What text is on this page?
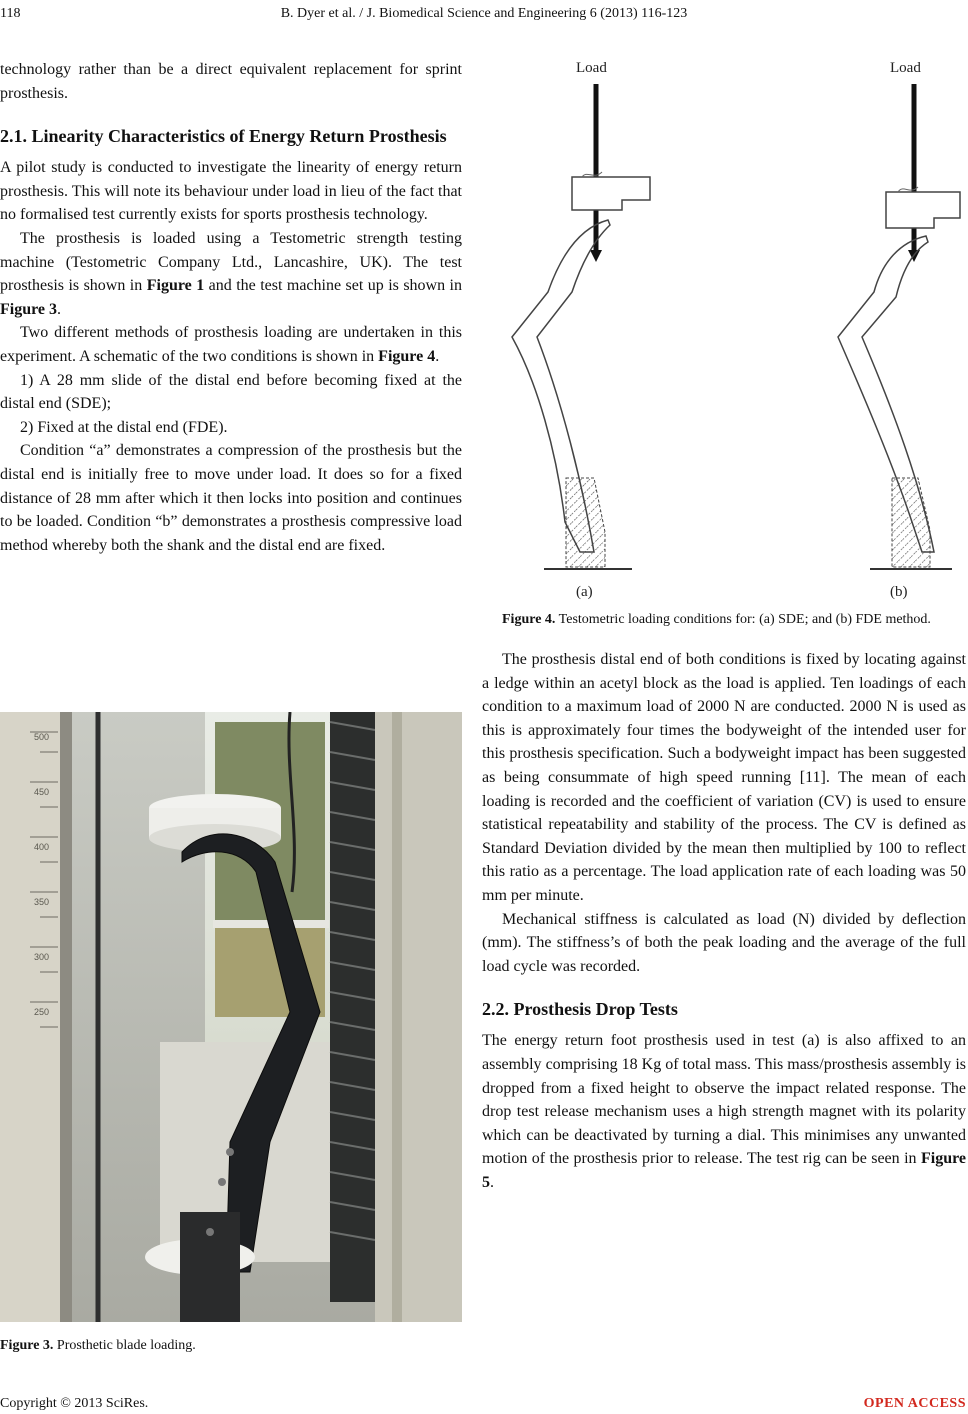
118	B. Dyer et al. / J. Biomedical Science and Engineering 6 (2013) 116-123

technology rather than be a direct equivalent replacement for sprint prosthesis.

2.1. Linearity Characteristics of Energy Return Prosthesis

A pilot study is conducted to investigate the linearity of energy return prosthesis. This will note its behaviour under load in lieu of the fact that no formalised test currently exists for sports prosthesis technology.

The prosthesis is loaded using a Testometric strength testing machine (Testometric Company Ltd., Lancashire, UK). The test prosthesis is shown in Figure 1 and the test machine set up is shown in Figure 3.

Two different methods of prosthesis loading are undertaken in this experiment. A schematic of the two conditions is shown in Figure 4.

1) A 28 mm slide of the distal end before becoming fixed at the distal end (SDE);

2) Fixed at the distal end (FDE).

Condition “a” demonstrates a compression of the prosthesis but the distal end is initially free to move under load. It does so for a fixed distance of 28 mm after which it then locks into position and continues to be loaded. Condition “b” demonstrates a prosthesis compressive load method whereby both the shank and the distal end are fixed.

500
450
400
350
300
250
Figure 3. Prosthetic blade loading.
Load
(a)
Load
(b)
Figure 4. Testometric loading conditions for: (a) SDE; and (b) FDE method.

The prosthesis distal end of both conditions is fixed by locating against a ledge within an acetyl block as the load is applied. Ten loadings of each condition to a maximum load of 2000 N are conducted. 2000 N is used as this is approximately four times the bodyweight of the intended user for this prosthesis specification. Such a bodyweight impact has been suggested as being consummate of high speed running [11]. The mean of each loading is recorded and the coefficient of variation (CV) is used to ensure statistical repeatability and stability of the process. The CV is defined as Standard Deviation divided by the mean then multiplied by 100 to reflect this ratio as a percentage. The load application rate of each loading was 50 mm per minute.

Mechanical stiffness is calculated as load (N) divided by deflection (mm). The stiffness’s of both the peak loading and the average of the full load cycle was recorded.

2.2. Prosthesis Drop Tests

The energy return foot prosthesis used in test (a) is also affixed to an assembly comprising 18 Kg of total mass. This mass/prosthesis assembly is dropped from a fixed height to observe the impact related response. The drop test release mechanism uses a high strength magnet with its polarity which can be deactivated by turning a dial. This minimises any unwanted motion of the prosthesis prior to release. The test rig can be seen in Figure 5.

Copyright © 2013 SciRes.	OPEN ACCESS
